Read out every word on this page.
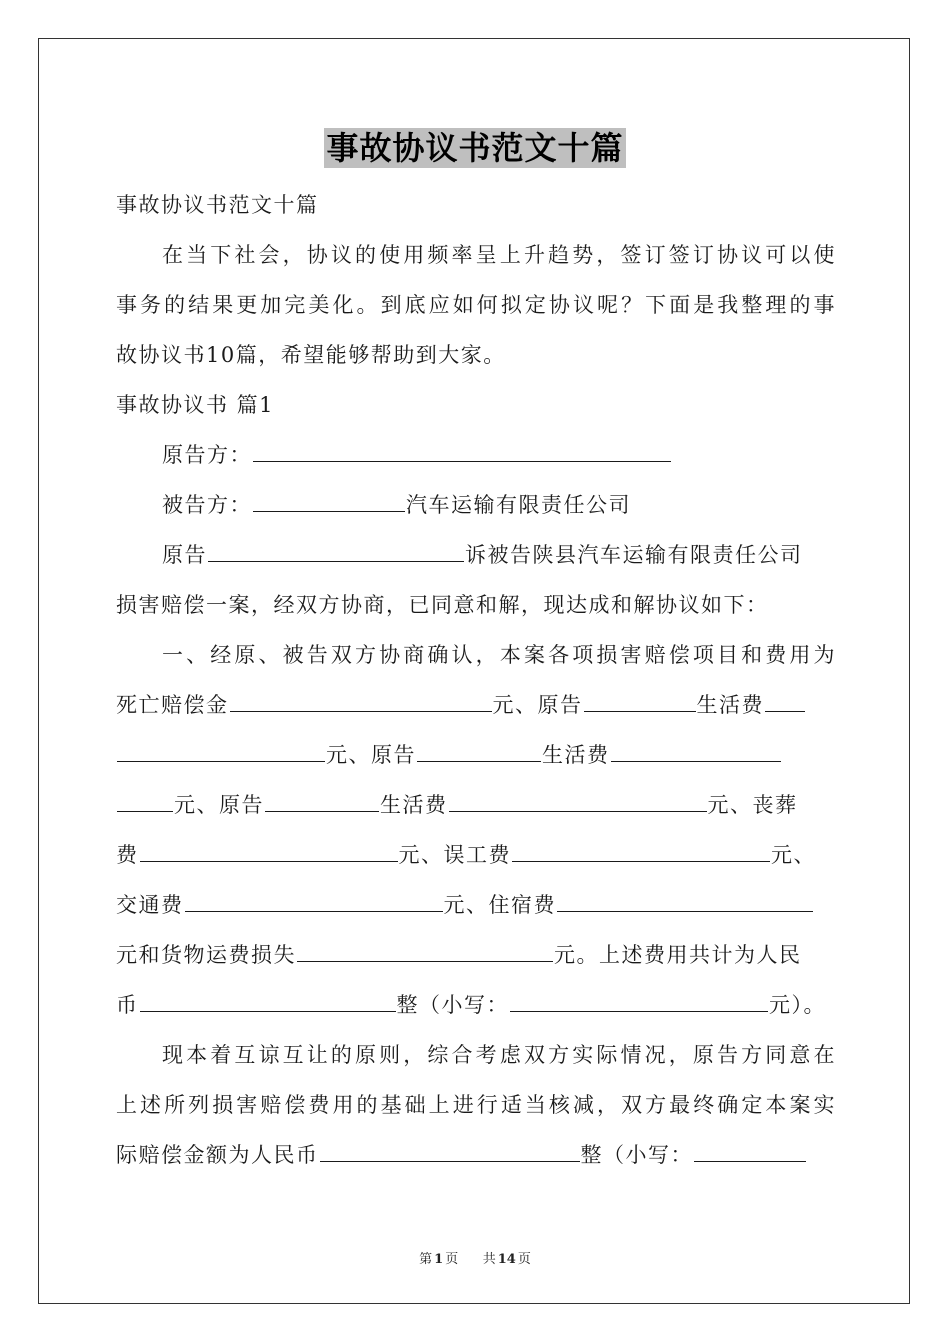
事故协议书范文十篇
事故协议书范文十篇
在当下社会，协议的使用频率呈上升趋势，签订签订协议可以使
事务的结果更加完美化。到底应如何拟定协议呢？下面是我整理的事
故协议书10篇，希望能够帮助到大家。
事故协议书 篇1
原告方：
被告方：	汽车运输有限责任公司
原告	诉被告陕县汽车运输有限责任公司
损害赔偿一案，经双方协商，已同意和解，现达成和解协议如下：
一、经原、被告双方协商确认，本案各项损害赔偿项目和费用为
死亡赔偿金	元、原告	生活费
元、原告	生活费
元、原告	生活费	元、丧葬
费	元、误工费	元、
交通费	元、住宿费
元和货物运费损失	元。上述费用共计为人民
币	整（小写：	元）。
现本着互谅互让的原则，综合考虑双方实际情况，原告方同意在
上述所列损害赔偿费用的基础上进行适当核减，双方最终确定本案实
际赔偿金额为人民币	整（小写：
第 1 页 共 14 页
